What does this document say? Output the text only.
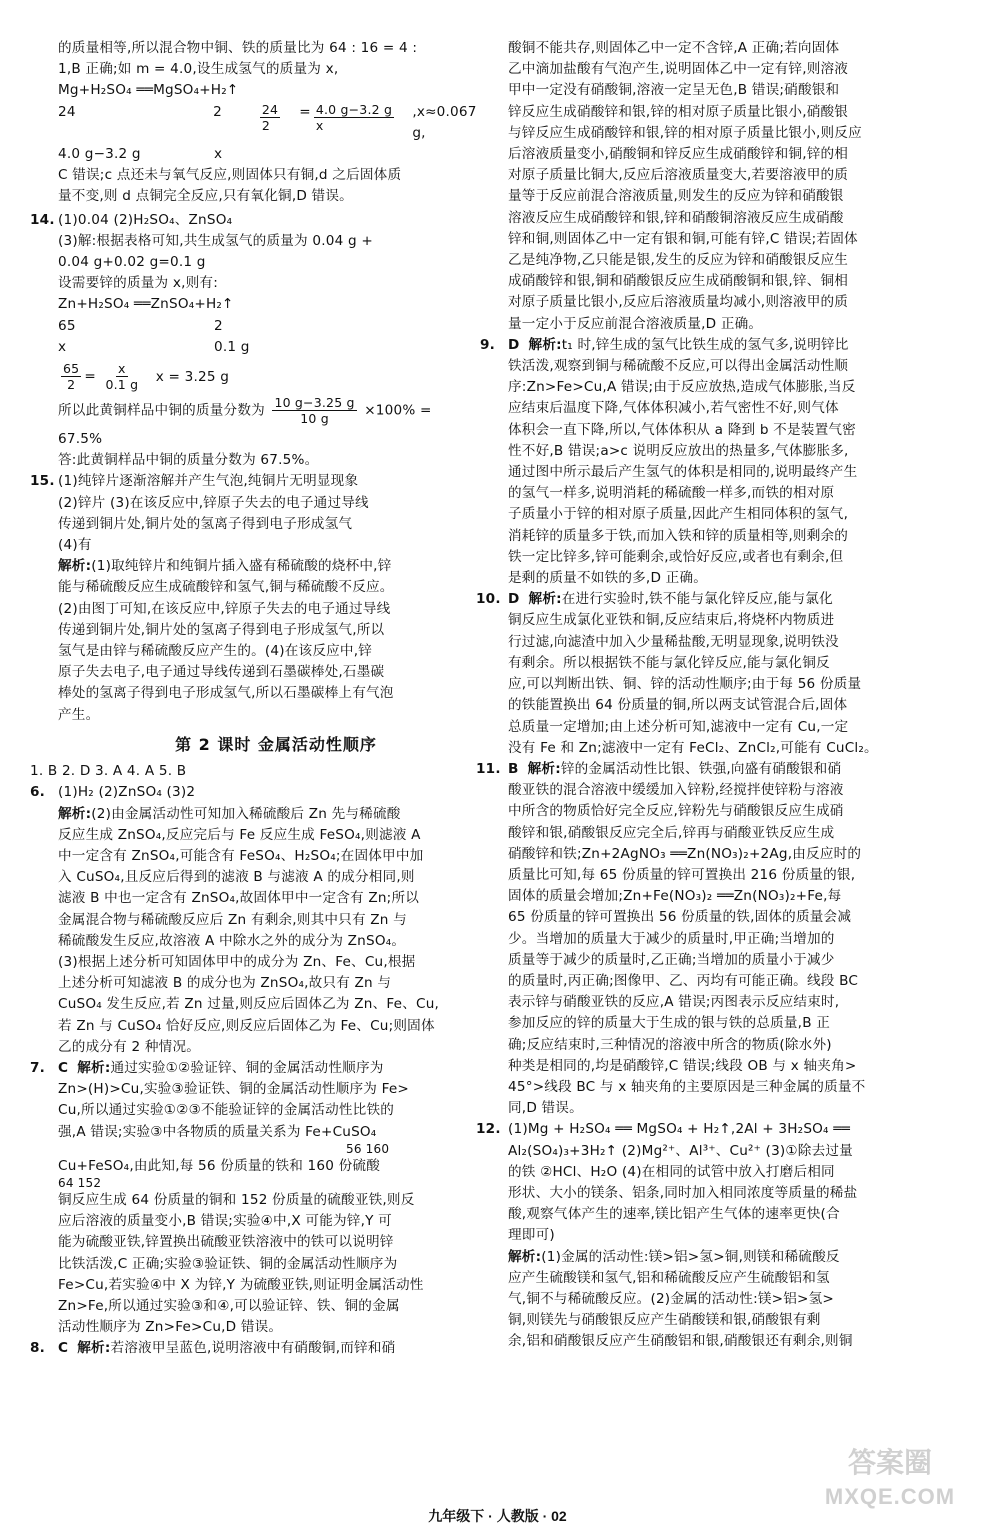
的质量相等,所以混合物中铜、铁的质量比为 64 : 16 = 4 :

1,B 正确;如 m = 4.0,设生成氢气的质量为 x,

Mg+H₂SO₄ ══MgSO₄+H₂↑

24	2	$\frac{24}{2} = \frac{4.0 g-3.2 g}{x} ,x\approx 0.067$ g,
4.0 g−3.2 g	x

C 错误;c 点还未与氧气反应,则固体只有铜,d 之后固体质

量不变,则 d 点铜完全反应,只有氧化铜,D 错误。

14. (1)0.04 (2)H₂SO₄、ZnSO₄

(3)解:根据表格可知,共生成氢气的质量为 0.04 g +

0.04 g+0.02 g=0.1 g

设需要锌的质量为 x,则有:

Zn+H₂SO₄ ══ZnSO₄+H₂↑

65	2
x	0.1 g
$\frac{65}{2} = \frac{x}{0.1 g}$ x = 3.25 g
所以此黄铜样品中铜的质量分数为 $\frac{10 g-3.25 g}{10 g} \times 100\%$ =

67.5%

答:此黄铜样品中铜的质量分数为 67.5%。

15. (1)纯锌片逐渐溶解并产生气泡,纯铜片无明显现象

(2)锌片 (3)在该反应中,锌原子失去的电子通过导线

传递到铜片处,铜片处的氢离子得到电子形成氢气

(4)有

解析:(1)取纯锌片和纯铜片插入盛有稀硫酸的烧杯中,锌

能与稀硫酸反应生成硫酸锌和氢气,铜与稀硫酸不反应。

(2)由图丁可知,在该反应中,锌原子失去的电子通过导线

传递到铜片处,铜片处的氢离子得到电子形成氢气,所以

氢气是由锌与稀硫酸反应产生的。(4)在该反应中,锌

原子失去电子,电子通过导线传递到石墨碳棒处,石墨碳

棒处的氢离子得到电子形成氢气,所以石墨碳棒上有气泡

产生。

第 2 课时 金属活动性顺序

1. B 2. D 3. A 4. A 5. B

6. (1)H₂ (2)ZnSO₄ (3)2

解析:(2)由金属活动性可知加入稀硫酸后 Zn 先与稀硫酸

反应生成 ZnSO₄,反应完后与 Fe 反应生成 FeSO₄,则滤液 A

中一定含有 ZnSO₄,可能含有 FeSO₄、H₂SO₄;在固体甲中加

入 CuSO₄,且反应后得到的滤液 B 与滤液 A 的成分相同,则

滤液 B 中也一定含有 ZnSO₄,故固体甲中一定含有 Zn;所以

金属混合物与稀硫酸反应后 Zn 有剩余,则其中只有 Zn 与

稀硫酸发生反应,故溶液 A 中除水之外的成分为 ZnSO₄。

(3)根据上述分析可知固体甲中的成分为 Zn、Fe、Cu,根据

上述分析可知滤液 B 的成分也为 ZnSO₄,故只有 Zn 与

CuSO₄ 发生反应,若 Zn 过量,则反应后固体乙为 Zn、Fe、Cu,

若 Zn 与 CuSO₄ 恰好反应,则反应后固体乙为 Fe、Cu;则固体

乙的成分有 2 种情况。

7. C 解析:通过实验①②验证锌、铜的金属活动性顺序为

Zn>(H)>Cu,实验③验证铁、铜的金属活动性顺序为 Fe>

Cu,所以通过实验①②③不能验证锌的金属活动性比铁的

强,A 错误;实验③中各物质的质量关系为 Fe+CuSO₄

56 160

Cu+FeSO₄,由此知,每 56 份质量的铁和 160 份硫酸

64 152

铜反应生成 64 份质量的铜和 152 份质量的硫酸亚铁,则反

应后溶液的质量变小,B 错误;实验④中,X 可能为锌,Y 可

能为硫酸亚铁,锌置换出硫酸亚铁溶液中的铁可以说明锌

比铁活泼,C 正确;实验③验证铁、铜的金属活动性顺序为

Fe>Cu,若实验④中 X 为锌,Y 为硫酸亚铁,则证明金属活动性

Zn>Fe,所以通过实验③和④,可以验证锌、铁、铜的金属

活动性顺序为 Zn>Fe>Cu,D 错误。

8. C 解析:若溶液甲呈蓝色,说明溶液中有硝酸铜,而锌和硝

酸铜不能共存,则固体乙中一定不含锌,A 正确;若向固体

乙中滴加盐酸有气泡产生,说明固体乙中一定有锌,则溶液

甲中一定没有硝酸铜,溶液一定呈无色,B 错误;硝酸银和

锌反应生成硝酸锌和银,锌的相对原子质量比银小,硝酸银

与锌反应生成硝酸锌和银,锌的相对原子质量比银小,则反应

后溶液质量变小,硝酸铜和锌反应生成硝酸锌和铜,锌的相

对原子质量比铜大,反应后溶液质量变大,若要溶液甲的质

量等于反应前混合溶液质量,则发生的反应为锌和硝酸银

溶液反应生成硝酸锌和银,锌和硝酸铜溶液反应生成硝酸

锌和铜,则固体乙中一定有银和铜,可能有锌,C 错误;若固体

乙是纯净物,乙只能是银,发生的反应为锌和硝酸银反应生

成硝酸锌和银,铜和硝酸银反应生成硝酸铜和银,锌、铜相

对原子质量比银小,反应后溶液质量均减小,则溶液甲的质

量一定小于反应前混合溶液质量,D 正确。

9. D 解析:t₁ 时,锌生成的氢气比铁生成的氢气多,说明锌比

铁活泼,观察到铜与稀硫酸不反应,可以得出金属活动性顺

序:Zn>Fe>Cu,A 错误;由于反应放热,造成气体膨胀,当反

应结束后温度下降,气体体积减小,若气密性不好,则气体

体积会一直下降,所以,气体体积从 a 降到 b 不是装置气密

性不好,B 错误;a>c 说明反应放出的热量多,气体膨胀多,

通过图中所示最后产生氢气的体积是相同的,说明最终产生

的氢气一样多,说明消耗的稀硫酸一样多,而铁的相对原

子质量小于锌的相对原子质量,因此产生相同体积的氢气,

消耗锌的质量多于铁,而加入铁和锌的质量相等,则剩余的

铁一定比锌多,锌可能剩余,或恰好反应,或者也有剩余,但

是剩的质量不如铁的多,D 正确。

10. D 解析:在进行实验时,铁不能与氯化锌反应,能与氯化

铜反应生成氯化亚铁和铜,反应结束后,将烧杯内物质进

行过滤,向滤渣中加入少量稀盐酸,无明显现象,说明铁没

有剩余。所以根据铁不能与氯化锌反应,能与氯化铜反

应,可以判断出铁、铜、锌的活动性顺序;由于每 56 份质量

的铁能置换出 64 份质量的铜,所以两支试管混合后,固体

总质量一定增加;由上述分析可知,滤液中一定有 Cu,一定

没有 Fe 和 Zn;滤液中一定有 FeCl₂、ZnCl₂,可能有 CuCl₂。

11. B 解析:锌的金属活动性比银、铁强,向盛有硝酸银和硝

酸亚铁的混合溶液中缓缓加入锌粉,经搅拌使锌粉与溶液

中所含的物质恰好完全反应,锌粉先与硝酸银反应生成硝

酸锌和银,硝酸银反应完全后,锌再与硝酸亚铁反应生成

硝酸锌和铁;Zn+2AgNO₃ ══Zn(NO₃)₂+2Ag,由反应时的

质量比可知,每 65 份质量的锌可置换出 216 份质量的银,

固体的质量会增加;Zn+Fe(NO₃)₂ ══Zn(NO₃)₂+Fe,每

65 份质量的锌可置换出 56 份质量的铁,固体的质量会减

少。当增加的质量大于减少的质量时,甲正确;当增加的

质量等于减少的质量时,乙正确;当增加的质量小于减少

的质量时,丙正确;图像甲、乙、丙均有可能正确。线段 BC

表示锌与硝酸亚铁的反应,A 错误;丙图表示反应结束时,

参加反应的锌的质量大于生成的银与铁的总质量,B 正

确;反应结束时,三种情况的溶液中所含的物质(除水外)

种类是相同的,均是硝酸锌,C 错误;线段 OB 与 x 轴夹角>

45°>线段 BC 与 x 轴夹角的主要原因是三种金属的质量不

同,D 错误。

12. (1)Mg + H₂SO₄ ══ MgSO₄ + H₂↑,2Al + 3H₂SO₄ ══

Al₂(SO₄)₃+3H₂↑ (2)Mg²⁺、Al³⁺、Cu²⁺ (3)①除去过量

的铁 ②HCl、H₂O (4)在相同的试管中放入打磨后相同

形状、大小的镁条、铝条,同时加入相同浓度等质量的稀盐

酸,观察气体产生的速率,镁比铝产生气体的速率更快(合

理即可)

解析:(1)金属的活动性:镁>铝>氢>铜,则镁和稀硫酸反

应产生硫酸镁和氢气,铝和稀硫酸反应产生硫酸铝和氢

气,铜不与稀硫酸反应。(2)金属的活动性:镁>铝>氢>

铜,则镁先与硝酸银反应产生硝酸镁和银,硝酸银有剩

余,铝和硝酸银反应产生硝酸铝和银,硝酸银还有剩余,则铜

答案圈
MXQE.COM
九年级下 · 人教版 · 02
